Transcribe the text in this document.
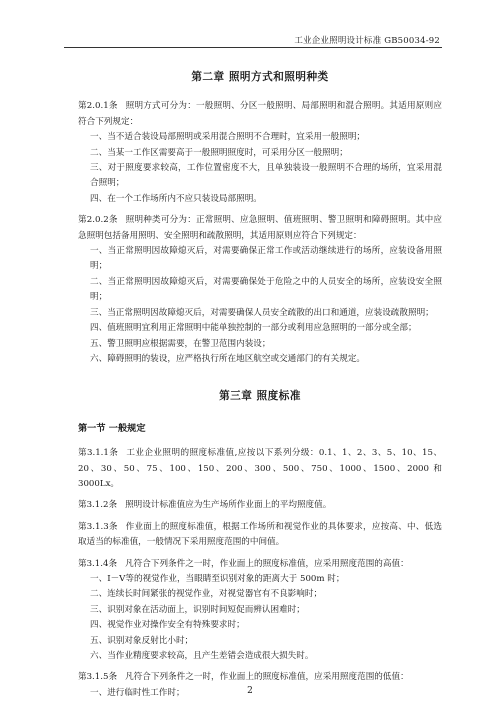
工业企业照明设计标准 GB50034-92
第二章 照明方式和照明种类

第2.0.1条 照明方式可分为：一般照明、分区一般照明、局部照明和混合照明。其适用原则应符合下列规定：

一、当不适合装设局部照明或采用混合照明不合理时，宜采用一般照明；

二、当某一工作区需要高于一般照明照度时，可采用分区一般照明；

三、对于照度要求较高，工作位置密度不大，且单独装设一般照明不合理的场所，宜采用混合照明；

四、在一个工作场所内不应只装设局部照明。

第2.0.2条 照明种类可分为：正常照明、应急照明、值班照明、警卫照明和障碍照明。其中应急照明包括备用照明、安全照明和疏散照明，其适用原则应符合下列规定：

一、当正常照明因故障熄灭后，对需要确保正常工作或活动继续进行的场所，应装设备用照明；

二、当正常照明因故障熄灭后，对需要确保处于危险之中的人员安全的场所，应装设安全照明；

三、当正常照明因故障熄灭后，对需要确保人员安全疏散的出口和通道，应装设疏散照明；

四、值班照明宜利用正常照明中能单独控制的一部分或利用应急照明的一部分或全部；

五、警卫照明应根据需要，在警卫范围内装设；

六、障碍照明的装设，应严格执行所在地区航空或交通部门的有关规定。

第三章 照度标准
第一节 一般规定

第3.1.1条 工业企业照明的照度标准值,应按以下系列分级：0.1、1、2、3、5、10、15、20、30、50、75、100、150、200、300、500、750、1000、1500、2000 和 3000Lx。

第3.1.2条 照明设计标准值应为生产场所作业面上的平均照度值。

第3.1.3条 作业面上的照度标准值，根据工作场所和视觉作业的具体要求，应按高、中、低选取适当的标准值，一般情况下采用照度范围的中间值。

第3.1.4条 凡符合下列条件之一时，作业面上的照度标准值，应采用照度范围的高值：

一、Ⅰ－Ⅴ等的视觉作业，当眼睛至识别对象的距离大于 500m 时；

二、连续长时间紧张的视觉作业，对视觉器官有不良影响时；

三、识别对象在活动面上，识别时间短促而辨认困难时；

四、视觉作业对操作安全有特殊要求时；

五、识别对象反射比小时；

六、当作业精度要求较高，且产生差错会造成很大损失时。

第3.1.5条 凡符合下列条件之一时，作业面上的照度标准值，应采用照度范围的低值：

一、进行临时性工作时；	2
